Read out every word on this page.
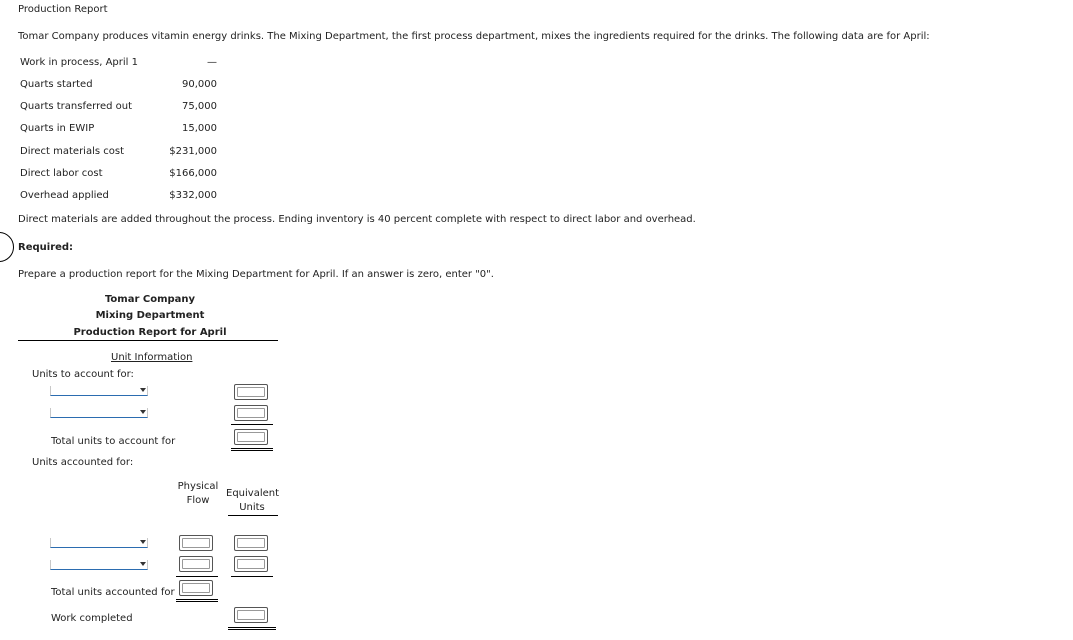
Production Report
Tomar Company produces vitamin energy drinks. The Mixing Department, the first process department, mixes the ingredients required for the drinks. The following data are for April:
Work in process, April 1	—
Quarts started	90,000
Quarts transferred out	75,000
Quarts in EWIP	15,000
Direct materials cost	$231,000
Direct labor cost	$166,000
Overhead applied	$332,000
Direct materials are added throughout the process. Ending inventory is 40 percent complete with respect to direct labor and overhead.
Required:
Prepare a production report for the Mixing Department for April. If an answer is zero, enter "0".
Tomar Company
Mixing Department
Production Report for April
Unit Information
Units to account for:
Total units to account for
Units accounted for:
Physical
Flow
Equivalent
Units
Total units accounted for
Work completed
